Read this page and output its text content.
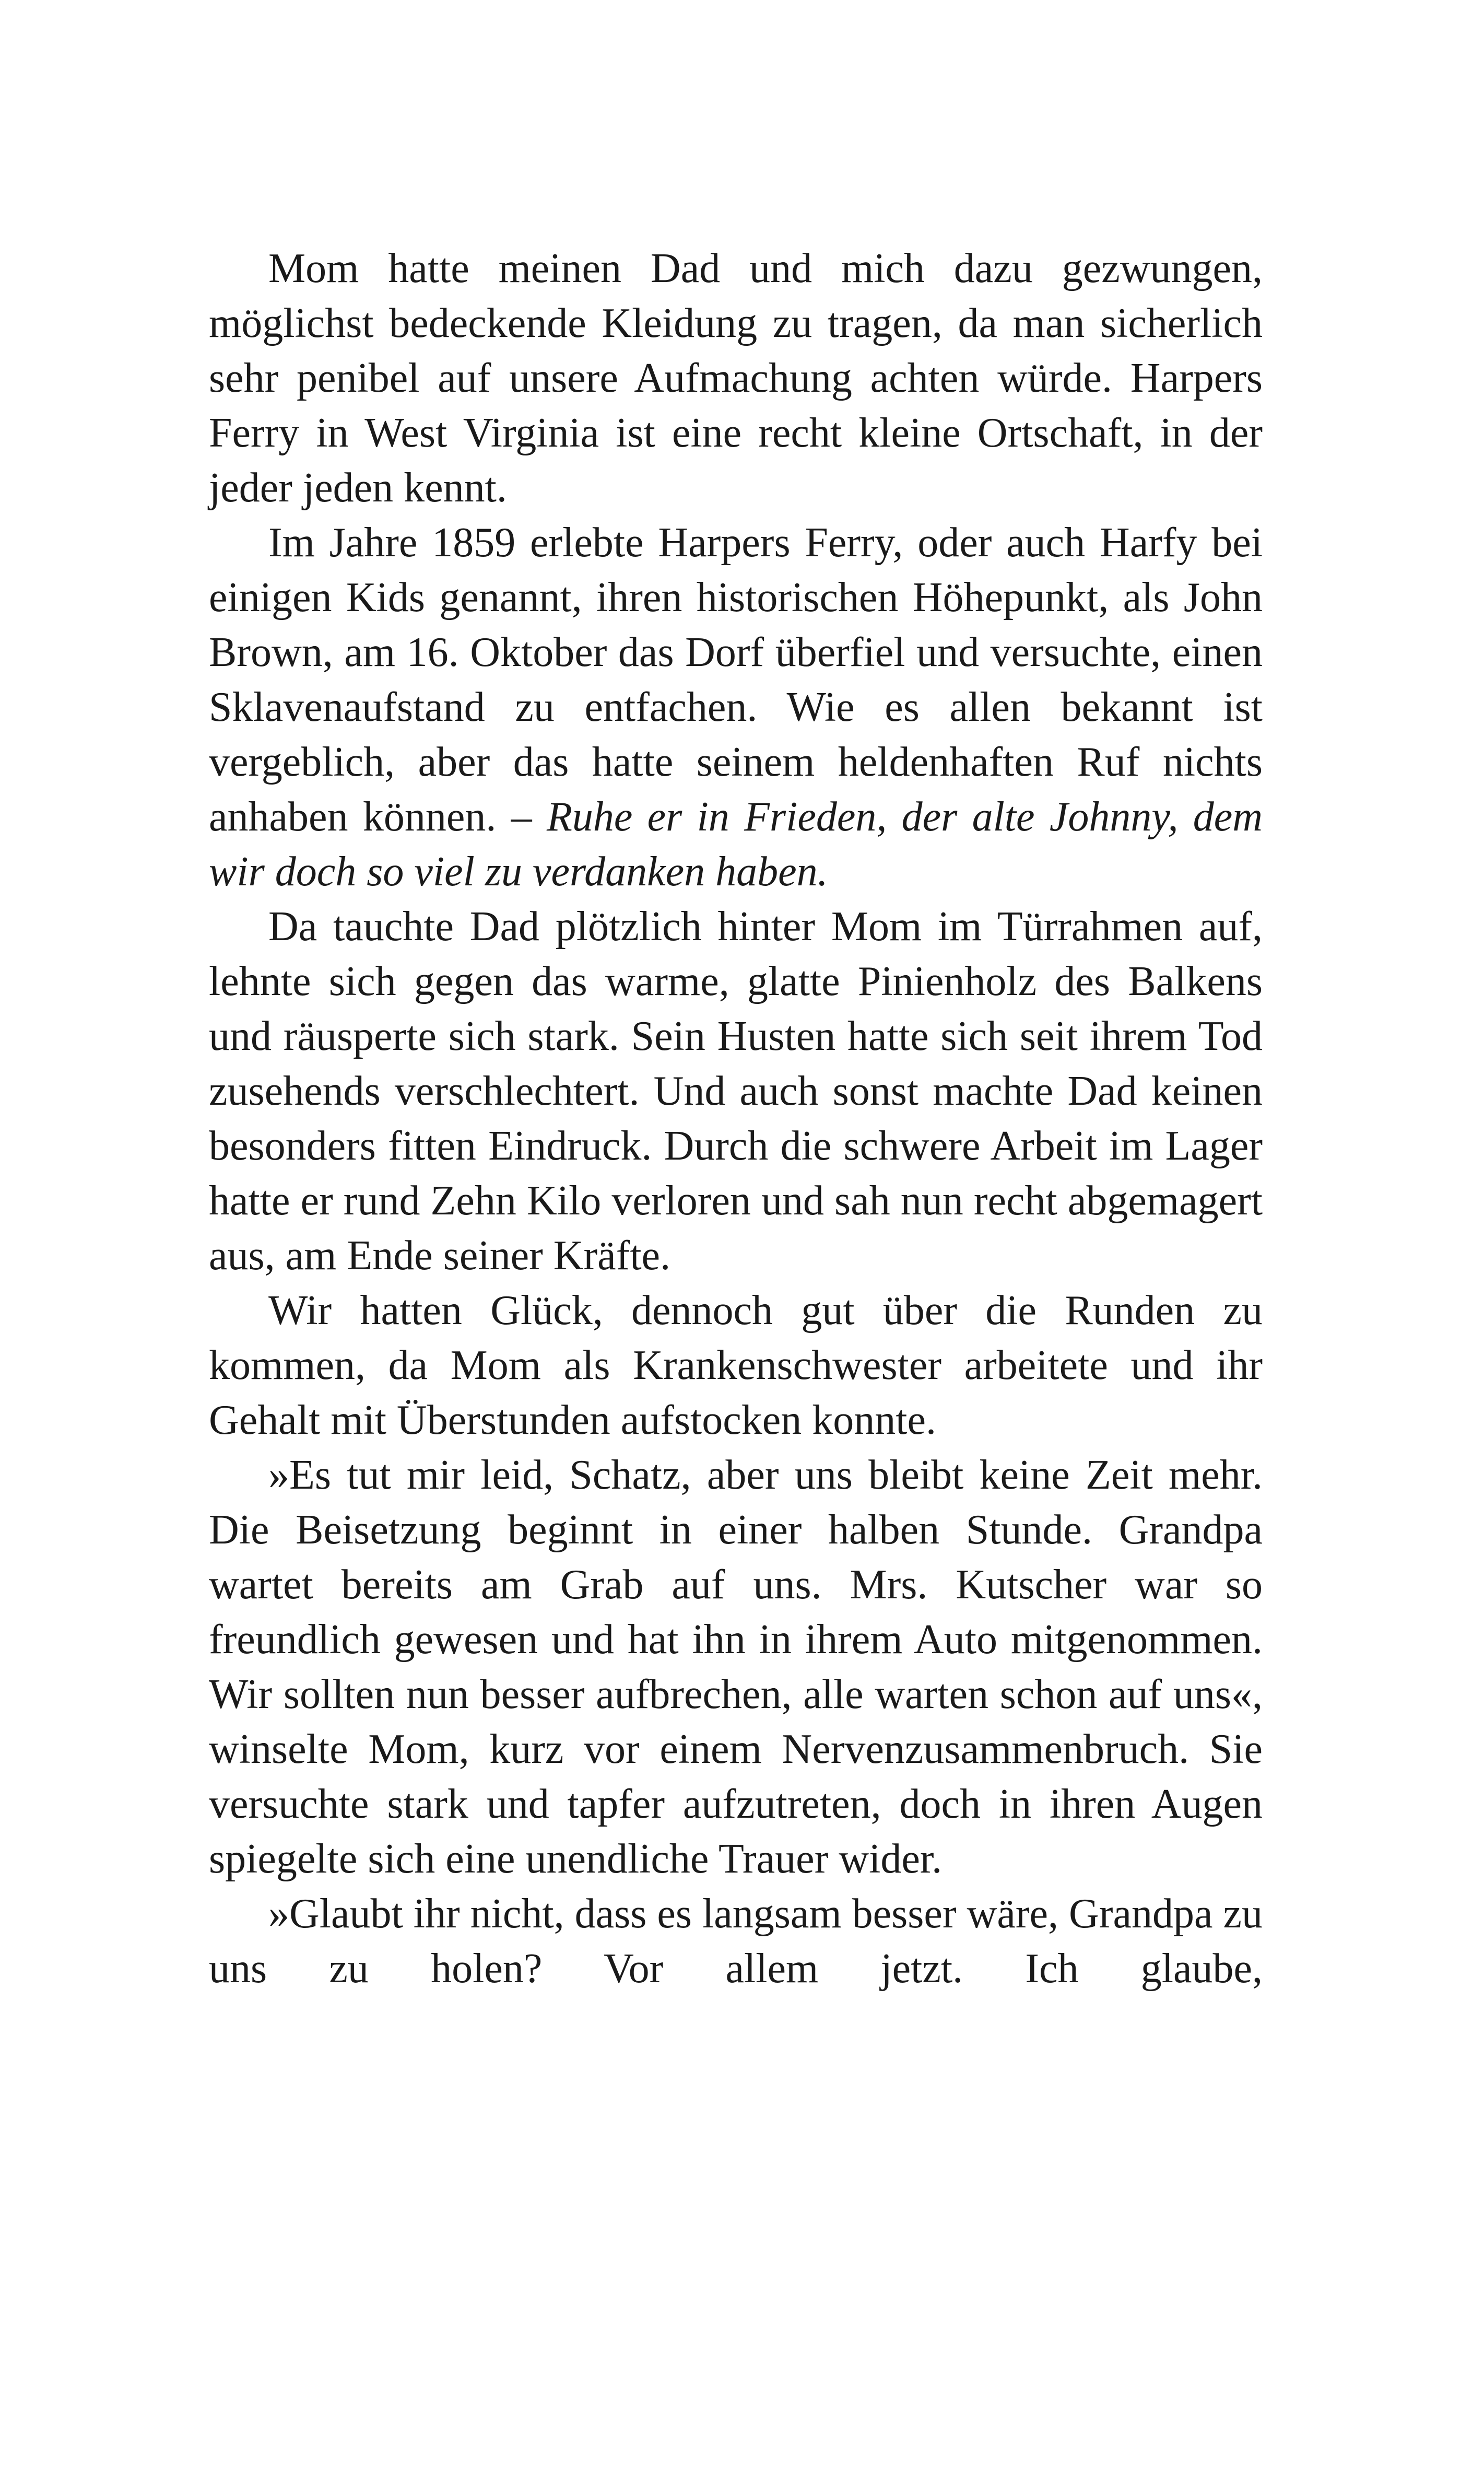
Mom hatte meinen Dad und mich dazu gezwungen, möglichst bedeckende Kleidung zu tragen, da man sicherlich sehr penibel auf unsere Aufmachung achten würde. Harpers Ferry in West Virginia ist eine recht kleine Ortschaft, in der jeder jeden kennt.

Im Jahre 1859 erlebte Harpers Ferry, oder auch Harfy bei einigen Kids genannt, ihren historischen Höhepunkt, als John Brown, am 16. Oktober das Dorf überfiel und versuchte, einen Sklavenaufstand zu entfachen. Wie es allen bekannt ist vergeblich, aber das hatte seinem heldenhaften Ruf nichts anhaben können. – Ruhe er in Frieden, der alte Johnny, dem wir doch so viel zu verdanken haben.

Da tauchte Dad plötzlich hinter Mom im Türrahmen auf, lehnte sich gegen das warme, glatte Pinienholz des Balkens und räusperte sich stark. Sein Husten hatte sich seit ihrem Tod zusehends verschlechtert. Und auch sonst machte Dad keinen besonders fitten Eindruck. Durch die schwere Arbeit im Lager hatte er rund Zehn Kilo verloren und sah nun recht abgemagert aus, am Ende seiner Kräfte.

Wir hatten Glück, dennoch gut über die Runden zu kommen, da Mom als Krankenschwester arbeitete und ihr Gehalt mit Überstunden aufstocken konnte.

»Es tut mir leid, Schatz, aber uns bleibt keine Zeit mehr. Die Beisetzung beginnt in einer halben Stunde. Grandpa wartet bereits am Grab auf uns. Mrs. Kutscher war so freundlich gewesen und hat ihn in ihrem Auto mitgenommen. Wir sollten nun besser aufbrechen, alle warten schon auf uns«, winselte Mom, kurz vor einem Nervenzusammenbruch. Sie versuchte stark und tapfer aufzutreten, doch in ihren Augen spiegelte sich eine unendliche Trauer wider.

»Glaubt ihr nicht, dass es langsam besser wäre, Grandpa zu uns zu holen? Vor allem jetzt. Ich glaube,
